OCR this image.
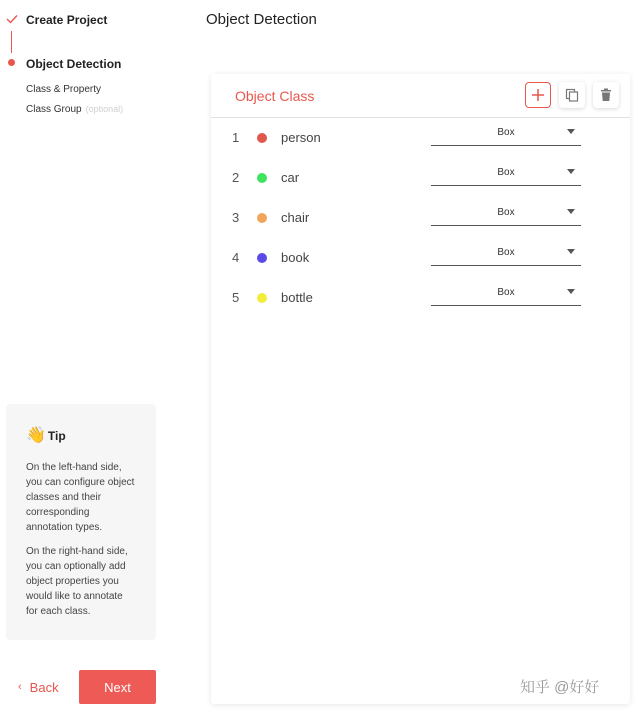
Create Project
Object Detection
Class & Property
Class Group (optional)
👋 Tip

On the left-hand side, you can configure object classes and their corresponding annotation types.

On the right-hand side, you can optionally add object properties you would like to annotate for each class.

‹ Back	Next
Object Detection
Object Class
1	person	Box
2	car	Box
3	chair	Box
4	book	Box
5	bottle	Box
知乎 @好好
